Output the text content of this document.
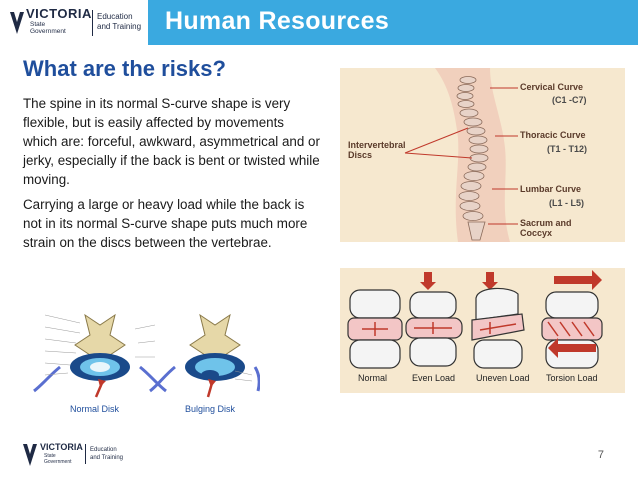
VICTORIA
State
Government
Education
and Training Human Resources
What are the risks?

The spine in its normal S-curve shape is very flexible, but is easily affected by movements which are: forceful, awkward, asymmetrical and or jerky, especially if the back is bent or twisted while moving.

Carrying a large or heavy load while the back is not in its normal S-curve shape puts much more strain on the discs between the vertebrae.

Intervertebral
Discs
Cervical Curve
(C1 -C7)
Thoracic Curve
(T1 - T12)
Lumbar Curve
(L1 - L5)
Sacrum and
Coccyx
Normal	Even Load Uneven Load Torsion Load
Normal Disk	Bulging Disk
VICTORIA
State
Government
Education
and Training	7
